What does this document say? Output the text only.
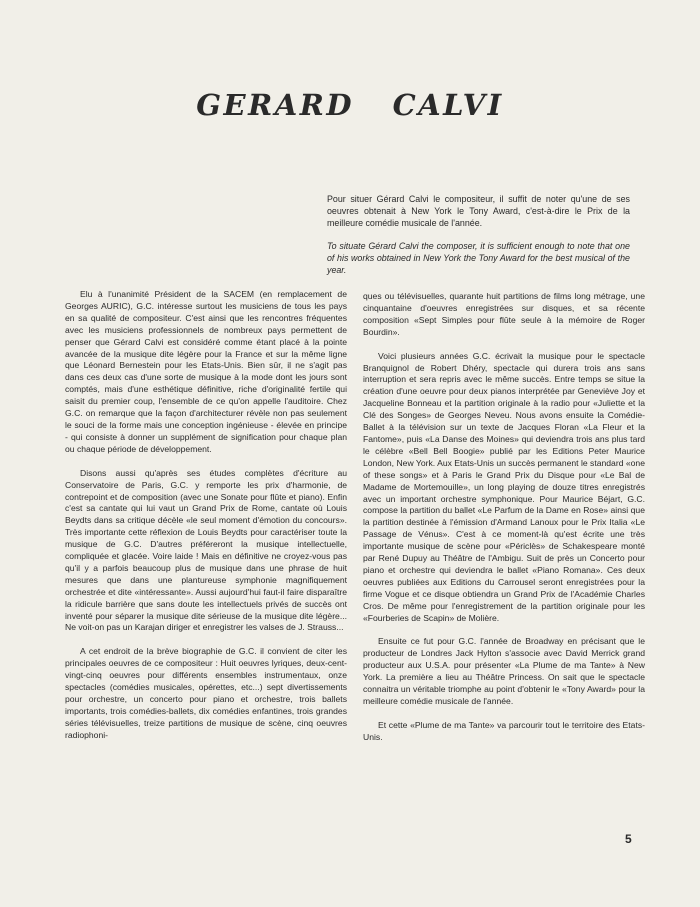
GERARD CALVI

Pour situer Gérard Calvi le compositeur, il suffit de noter qu'une de ses oeuvres obtenait à New York le Tony Award, c'est-à-dire le Prix de la meilleure comédie musicale de l'année.

To situate Gérard Calvi the composer, it is sufficient enough to note that one of his works obtained in New York the Tony Award for the best musical of the year.

Elu à l'unanimité Président de la SACEM (en remplacement de Georges AURIC), G.C. intéresse surtout les musiciens de tous les pays en sa qualité de compositeur. C'est ainsi que les rencontres fréquentes avec les musiciens professionnels de nombreux pays permettent de penser que Gérard Calvi est considéré comme étant placé à la pointe avancée de la musique dite légère pour la France et sur la même ligne que Léonard Bernestein pour les Etats-Unis. Bien sûr, il ne s'agit pas dans ces deux cas d'une sorte de musique à la mode dont les jours sont comptés, mais d'une esthétique définitive, riche d'originalité fertile qui saisit du premier coup, l'ensemble de ce qu'on appelle l'auditoire. Chez G.C. on remarque que la façon d'architecturer révèle non pas seulement le souci de la forme mais une conception ingénieuse - élevée en principe - qui consiste à donner un supplément de signification pour chaque plan ou chaque période de développement.

Disons aussi qu'après ses études complètes d'écriture au Conservatoire de Paris, G.C. y remporte les prix d'harmonie, de contrepoint et de composition (avec une Sonate pour flûte et piano). Enfin c'est sa cantate qui lui vaut un Grand Prix de Rome, cantate où Louis Beydts dans sa critique décèle «le seul moment d'émotion du concours». Très importante cette réflexion de Louis Beydts pour caractériser toute la musique de G.C. D'autres préféreront la musique intellectuelle, compliquée et glacée. Voire laide ! Mais en définitive ne croyez-vous pas qu'il y a parfois beaucoup plus de musique dans une phrase de huit mesures que dans une plantureuse symphonie magnifiquement orchestrée et dite «intéressante». Aussi aujourd'hui faut-il faire disparaître la ridicule barrière que sans doute les intellectuels privés de succès ont inventé pour séparer la musique dite sérieuse de la musique dite légère... Ne voit-on pas un Karajan diriger et enregistrer les valses de J. Strauss...

A cet endroit de la brève biographie de G.C. il convient de citer les principales oeuvres de ce compositeur : Huit oeuvres lyriques, deux-cent-vingt-cinq oeuvres pour différents ensembles instrumentaux, onze spectacles (comédies musicales, opérettes, etc...) sept divertissements pour orchestre, un concerto pour piano et orchestre, trois ballets importants, trois comédies-ballets, dix comédies enfantines, trois grandes séries télévisuelles, treize partitions de musique de scène, cinq oeuvres radiophoni-

ques ou télévisuelles, quarante huit partitions de films long métrage, une cinquantaine d'oeuvres enregistrées sur disques, et sa récente composition «Sept Simples pour flûte seule à la mémoire de Roger Bourdin».

Voici plusieurs années G.C. écrivait la musique pour le spectacle Branquignol de Robert Dhéry, spectacle qui durera trois ans sans interruption et sera repris avec le même succès. Entre temps se situe la création d'une oeuvre pour deux pianos interprétée par Geneviève Joy et Jacqueline Bonneau et la partition originale à la radio pour «Juliette et la Clé des Songes» de Georges Neveu. Nous avons ensuite la Comédie-Ballet à la télévision sur un texte de Jacques Floran «La Fleur et la Fantome», puis «La Danse des Moines» qui deviendra trois ans plus tard le célèbre «Bell Bell Boogie» publié par les Editions Peter Maurice London, New York. Aux Etats-Unis un succès permanent le standard «one of these songs» et à Paris le Grand Prix du Disque pour «Le Bal de Madame de Mortemouille», un long playing de douze titres enregistrés avec un important orchestre symphonique. Pour Maurice Béjart, G.C. compose la partition du ballet «Le Parfum de la Dame en Rose» ainsi que la partition destinée à l'émission d'Armand Lanoux pour le Prix Italia «Le Passage de Vénus». C'est à ce moment-là qu'est écrite une très importante musique de scène pour «Périclès» de Schakespeare monté par René Dupuy au Théâtre de l'Ambigu. Suit de près un Concerto pour piano et orchestre qui deviendra le ballet «Piano Romana». Ces deux oeuvres publiées aux Editions du Carrousel seront enregistrées pour la firme Vogue et ce disque obtiendra un Grand Prix de l'Académie Charles Cros. De même pour l'enregistrement de la partition originale pour les «Fourberies de Scapin» de Molière.

Ensuite ce fut pour G.C. l'année de Broadway en précisant que le producteur de Londres Jack Hylton s'associe avec David Merrick grand producteur aux U.S.A. pour présenter «La Plume de ma Tante» à New York. La première a lieu au Théâtre Princess. On sait que le spectacle connaitra un véritable triomphe au point d'obtenir le «Tony Award» pour la meilleure comédie musicale de l'année.

Et cette «Plume de ma Tante» va parcourir tout le territoire des Etats-Unis.

5
